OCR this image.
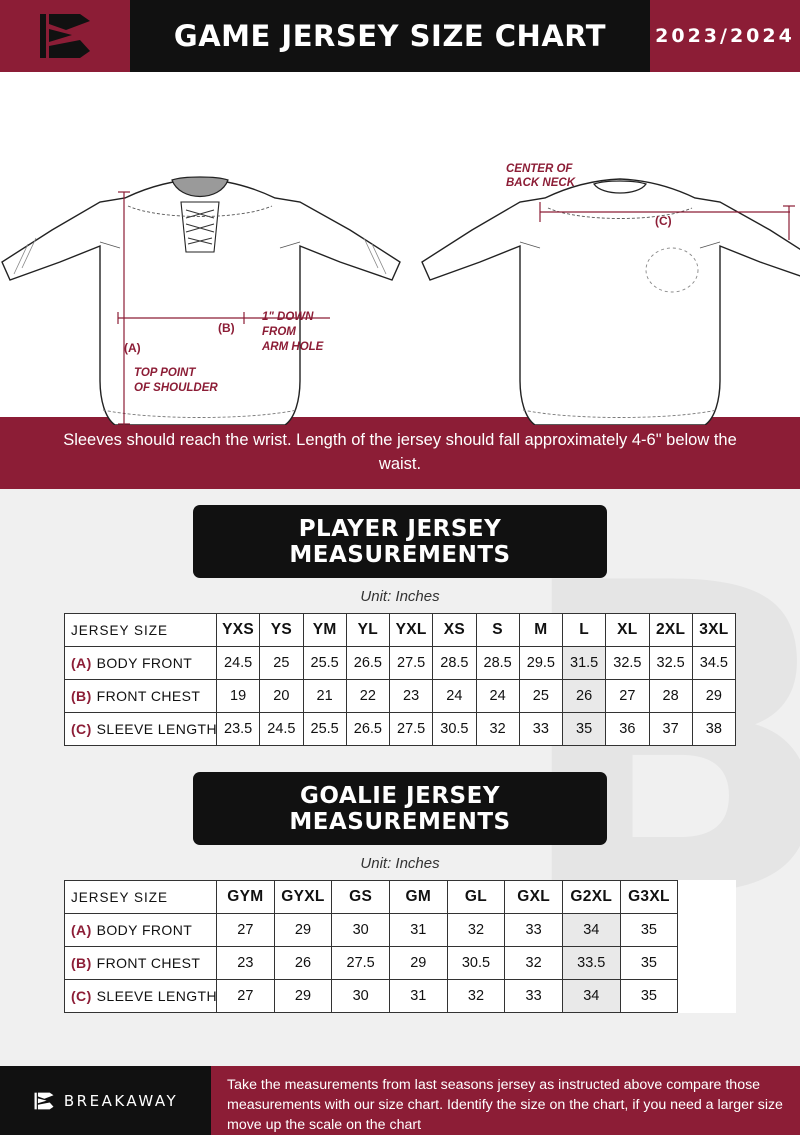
GAME JERSEY SIZE CHART	2023/2024
(A)
(B)
TOP POINT
OF SHOULDER
1" DOWN
FROM
ARM HOLE
(C)
CENTER OF
BACK NECK
Sleeves should reach the wrist. Length of the jersey should fall approximately 4-6" below the waist.
PLAYER JERSEY MEASUREMENTS
Unit: Inches
JERSEY SIZE	YXS	YS	YM	YL	YXL	XS	S	M	L	XL	2XL	3XL
(A) BODY FRONT	24.5	25	25.5	26.5	27.5	28.5	28.5	29.5	31.5	32.5	32.5	34.5
(B) FRONT CHEST	19	20	21	22	23	24	24	25	26	27	28	29
(C) SLEEVE LENGTH	23.5	24.5	25.5	26.5	27.5	30.5	32	33	35	36	37	38
GOALIE JERSEY MEASUREMENTS
Unit: Inches
JERSEY SIZE	GYM	GYXL	GS	GM	GL	GXL	G2XL	G3XL	
(A) BODY FRONT	27	29	30	31	32	33	34	35	
(B) FRONT CHEST	23	26	27.5	29	30.5	32	33.5	35	
(C) SLEEVE LENGTH	27	29	30	31	32	33	34	35	
BREAKAWAY
Take the measurements from last seasons jersey as instructed above compare those measurements with our size chart. Identify the size on the chart, if you need a larger size move up the scale on the chart
